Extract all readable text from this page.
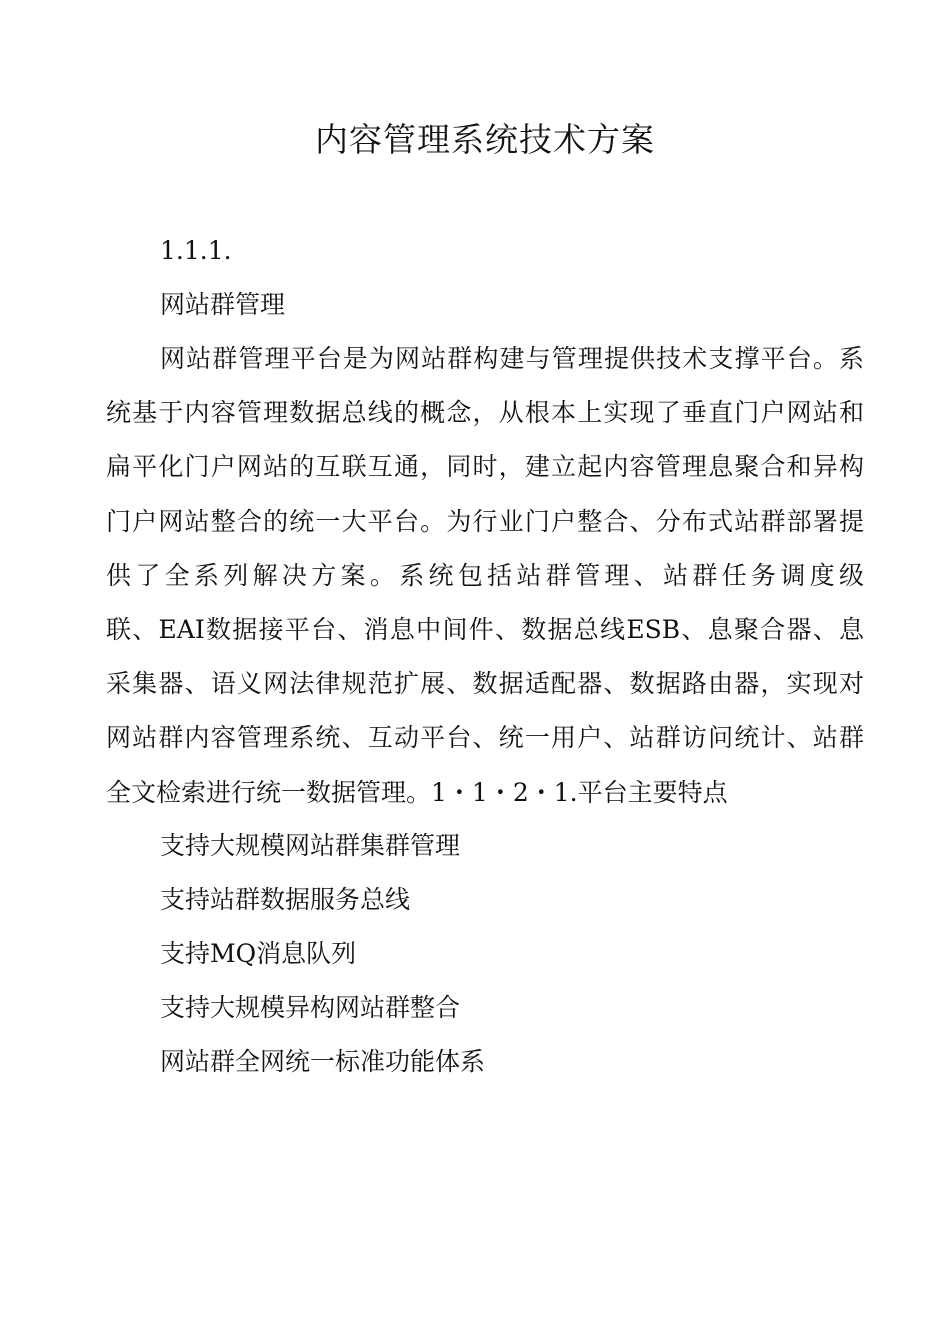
内容管理系统技术方案

1.1.1.

网站群管理

网站群管理平台是为网站群构建与管理提供技术支撑平台。系
统基于内容管理数据总线的概念，从根本上实现了垂直门户网站和
扁平化门户网站的互联互通，同时，建立起内容管理息聚合和异构
门户网站整合的统一大平台。为行业门户整合、分布式站群部署提
供了全系列解决方案。系统包括站群管理、站群任务调度级
联、EAI数据接平台、消息中间件、数据总线ESB、息聚合器、息
采集器、语义网法律规范扩展、数据适配器、数据路由器，实现对
网站群内容管理系统、互动平台、统一用户、站群访问统计、站群
全文检索进行统一数据管理。1・1・2・1.平台主要特点

支持大规模网站群集群管理

支持站群数据服务总线

支持MQ消息队列

支持大规模异构网站群整合

网站群全网统一标准功能体系
